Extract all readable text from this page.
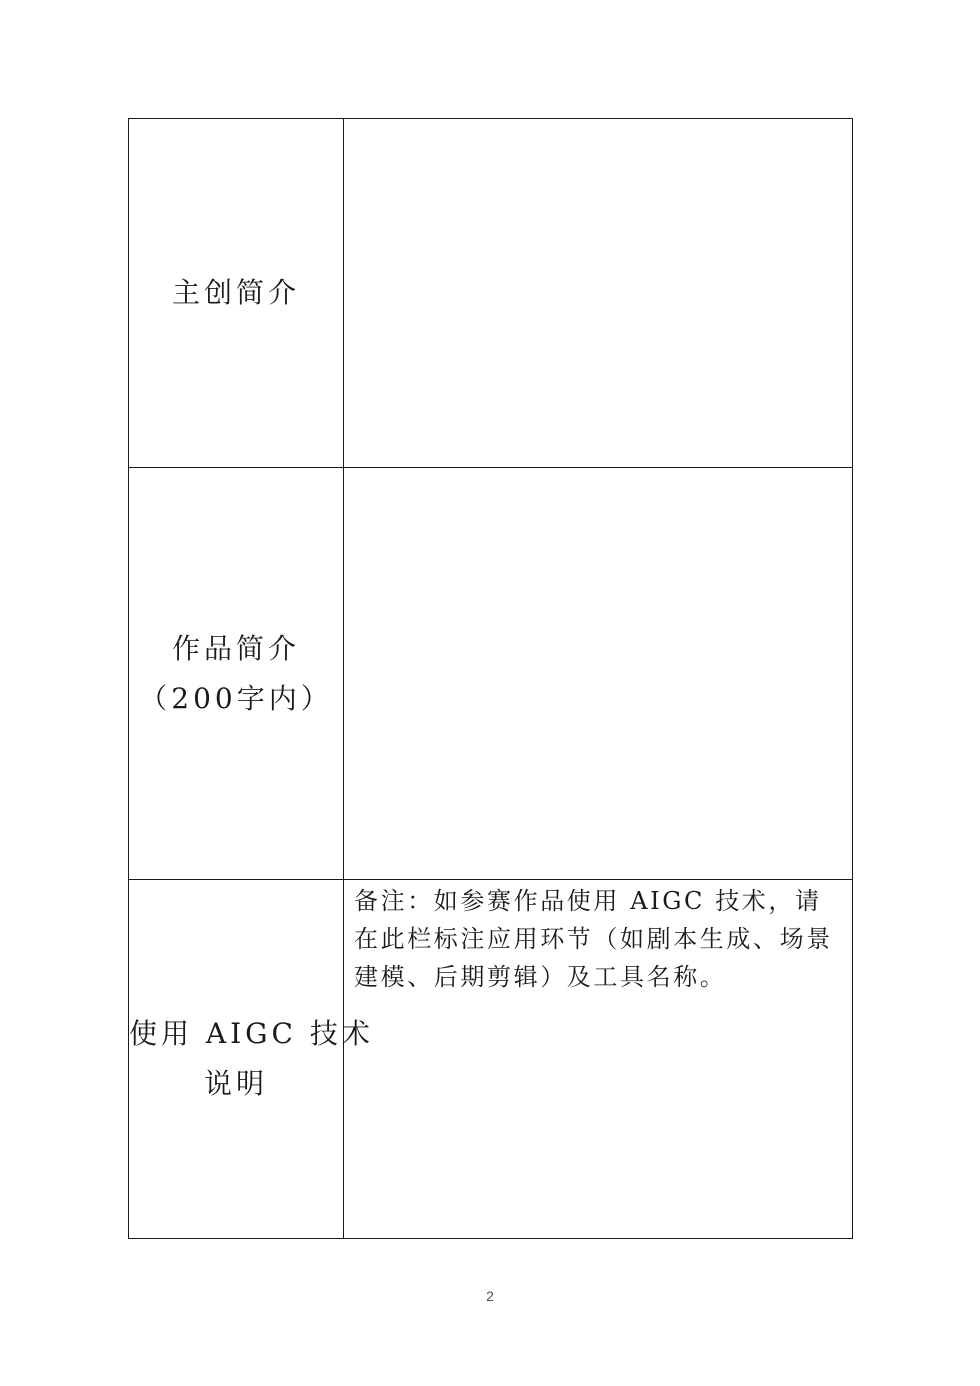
主创简介	

作品简介
（200字内）	

使用 AIGC 技术
说明	备注：如参赛作品使用 AIGC 技术，请在此栏标注应用环节（如剧本生成、场景建模、后期剪辑）及工具名称。
2
